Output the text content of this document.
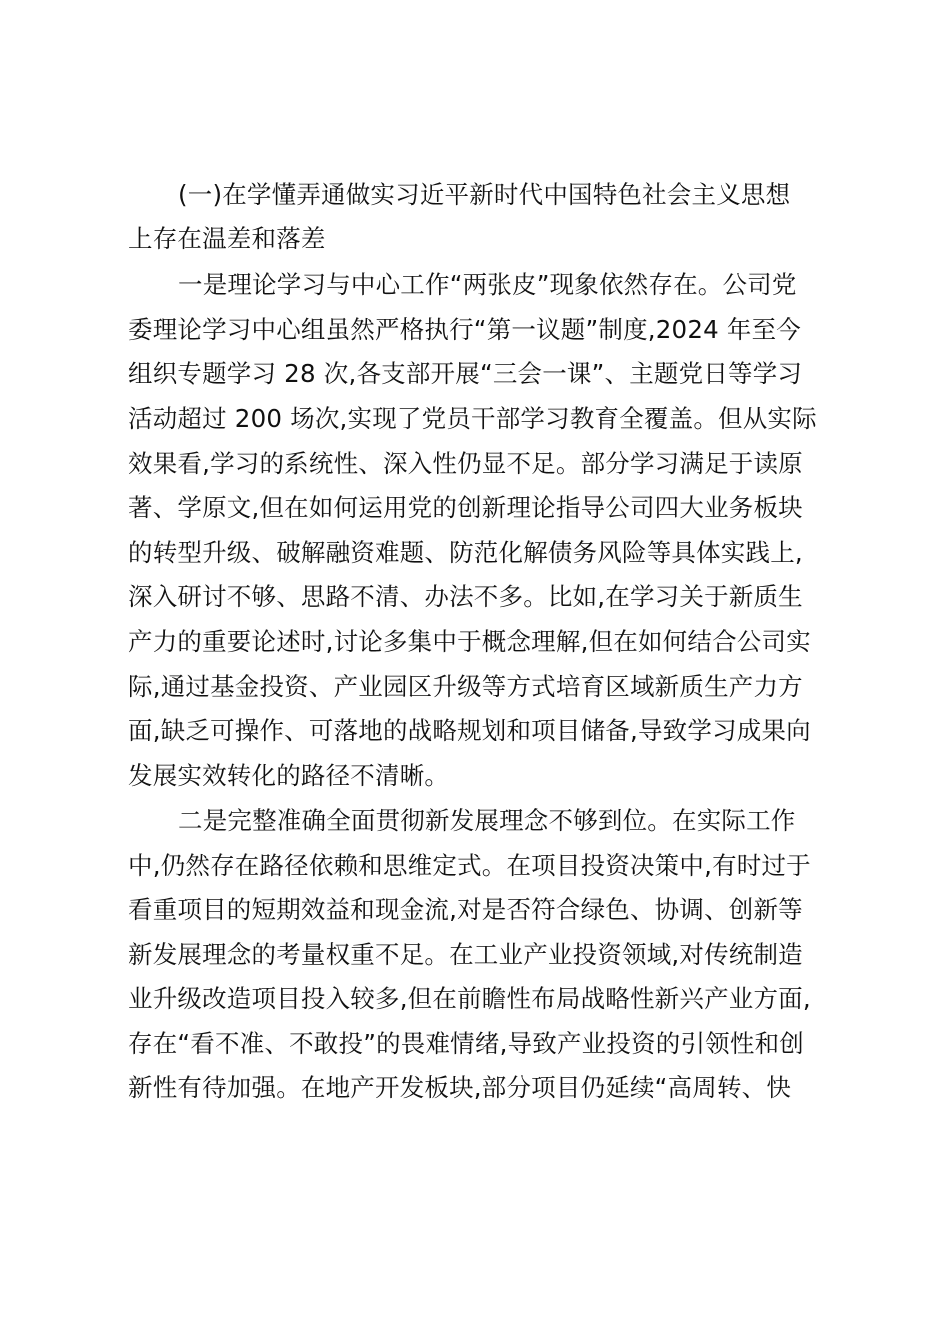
(一)在学懂弄通做实习近平新时代中国特色社会主义思想
上存在温差和落差
一是理论学习与中心工作“两张皮”现象依然存在。公司党
委理论学习中心组虽然严格执行“第一议题”制度,2024 年至今
组织专题学习 28 次,各支部开展“三会一课”、主题党日等学习
活动超过 200 场次,实现了党员干部学习教育全覆盖。但从实际
效果看,学习的系统性、深入性仍显不足。部分学习满足于读原
著、学原文,但在如何运用党的创新理论指导公司四大业务板块
的转型升级、破解融资难题、防范化解债务风险等具体实践上,
深入研讨不够、思路不清、办法不多。比如,在学习关于新质生
产力的重要论述时,讨论多集中于概念理解,但在如何结合公司实
际,通过基金投资、产业园区升级等方式培育区域新质生产力方
面,缺乏可操作、可落地的战略规划和项目储备,导致学习成果向
发展实效转化的路径不清晰。
二是完整准确全面贯彻新发展理念不够到位。在实际工作
中,仍然存在路径依赖和思维定式。在项目投资决策中,有时过于
看重项目的短期效益和现金流,对是否符合绿色、协调、创新等
新发展理念的考量权重不足。在工业产业投资领域,对传统制造
业升级改造项目投入较多,但在前瞻性布局战略性新兴产业方面,
存在“看不准、不敢投”的畏难情绪,导致产业投资的引领性和创
新性有待加强。在地产开发板块,部分项目仍延续“高周转、快
